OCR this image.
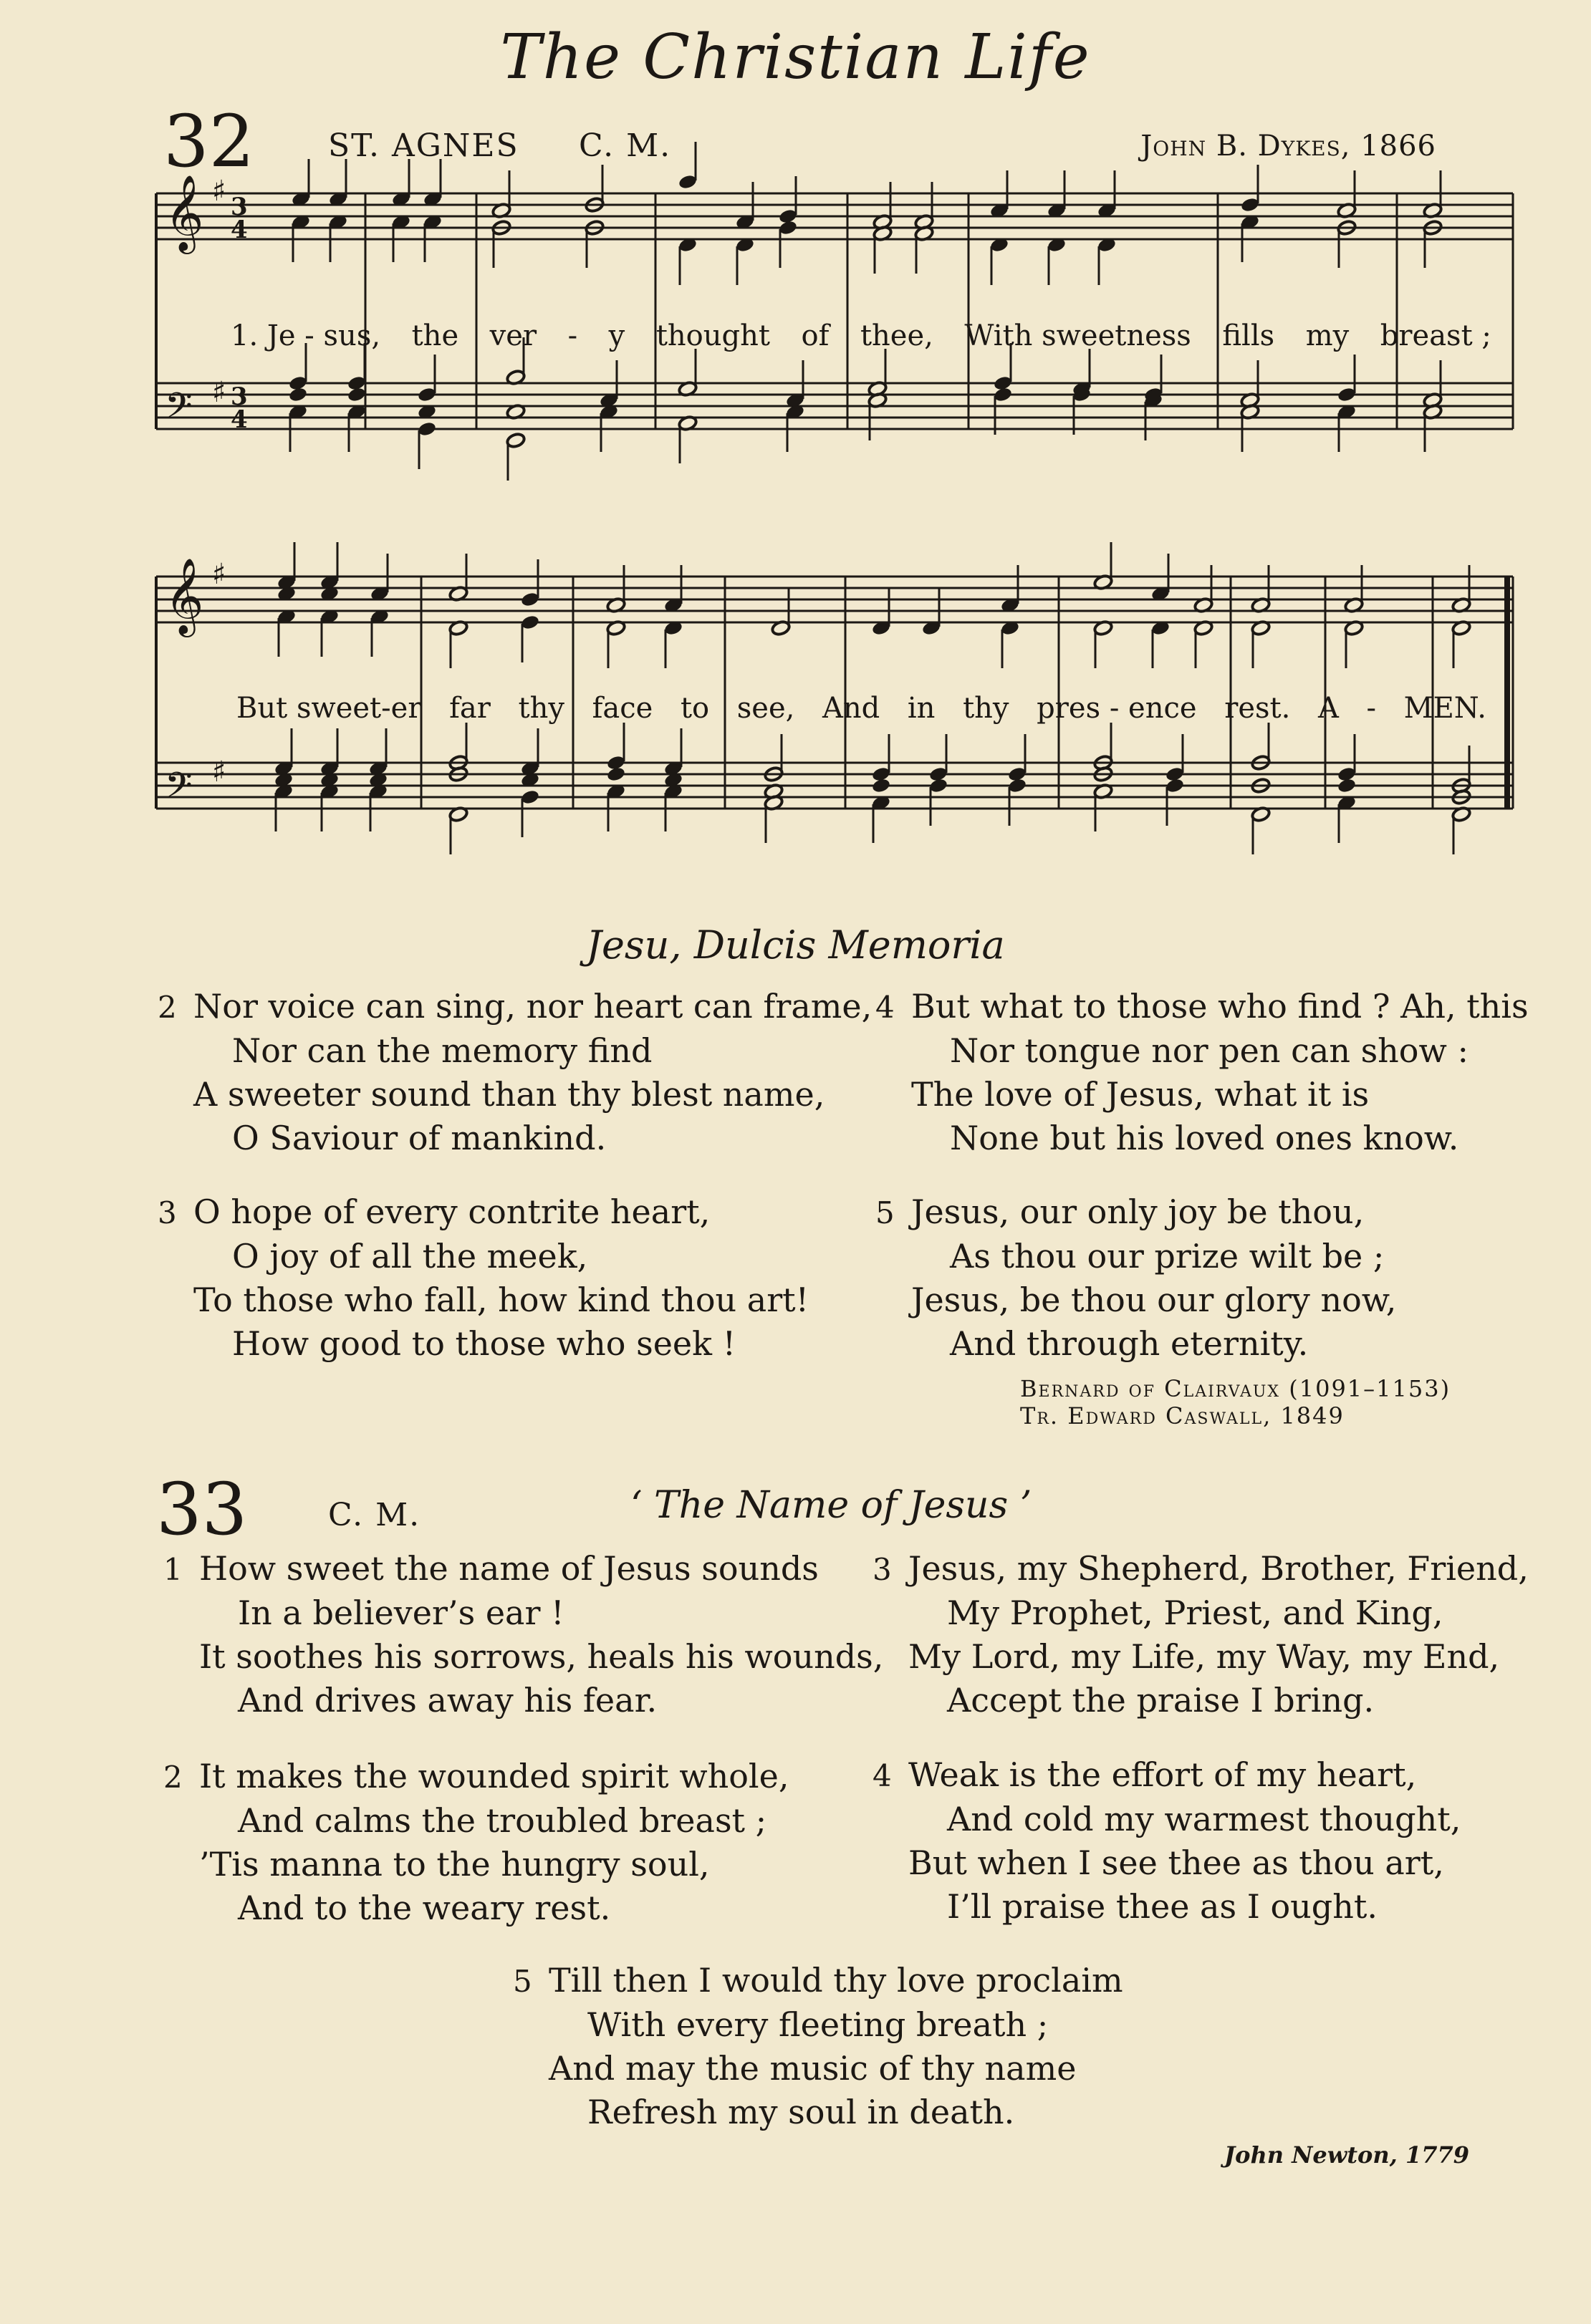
The Christian Life
32 ST. AGNES C. M.	John B. Dykes, 1866
𝄞 ♯ 3
4
𝄢 ♯ 3
4
𝄞 ♯
𝄢 ♯
1. Je - sus, the ver - y thought of thee, With sweetness fills my breast ;
But sweet-er far thy face to see, And in thy pres - ence rest. A - MEN.
Jesu, Dulcis Memoria
2 Nor voice can sing, nor heart can frame,
Nor can the memory find
A sweeter sound than thy blest name,
O Saviour of mankind.
3 O hope of every contrite heart,
O joy of all the meek,
To those who fall, how kind thou art!
How good to those who seek !
4 But what to those who find ? Ah, this
Nor tongue nor pen can show :
The love of Jesus, what it is
None but his loved ones know.
5 Jesus, our only joy be thou,
As thou our prize wilt be ;
Jesus, be thou our glory now,
And through eternity.
Bernard of Clairvaux (1091–1153)
Tr. Edward Caswall, 1849
33	C. M.	‘ The Name of Jesus ’
1 How sweet the name of Jesus sounds
In a believer’s ear !
It soothes his sorrows, heals his wounds,
And drives away his fear.
2 It makes the wounded spirit whole,
And calms the troubled breast ;
’Tis manna to the hungry soul,
And to the weary rest.
3 Jesus, my Shepherd, Brother, Friend,
My Prophet, Priest, and King,
My Lord, my Life, my Way, my End,
Accept the praise I bring.
4 Weak is the effort of my heart,
And cold my warmest thought,
But when I see thee as thou art,
I’ll praise thee as I ought.
5 Till then I would thy love proclaim
With every fleeting breath ;
And may the music of thy name
Refresh my soul in death.
John Newton, 1779
